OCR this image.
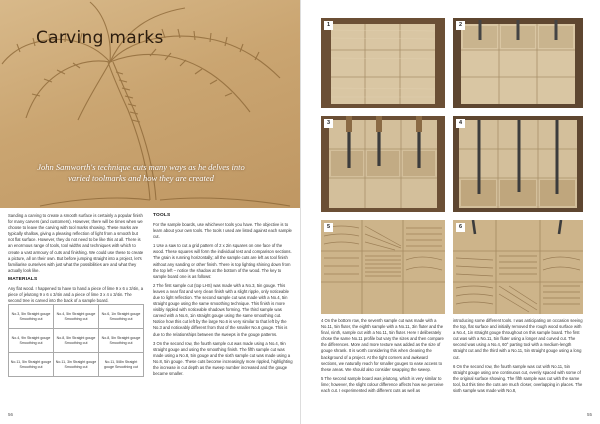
Carving marks
John Samworth's technique cuts many ways as he delves into varied toolmarks and how they are created

Sanding a carving to create a smooth surface is certainly a popular finish for many carvers (and customers). However, there will be times when we choose to leave the carving with tool marks showing. These marks are typically shallow, giving a pleasing reflection of light from a smooth but not flat surface. However, they do not need to be like this at all. There is an enormous range of tools, tool widths and techniques with which to create a vast armoury of cuts and finishing. We could use these to create a picture, all on their own. But before jumping straight into a project, let's familiarise ourselves with just what the possibilities are and what they actually look like.

MATERIALS

Any flat wood. I happened to have to hand a piece of lime 9 x 6 x 3/4in, a piece of jelutong 9 x 6 x 3/4in and a piece of lime 3 x 4 x 3/4in. The second tree is carved into the back of a sample board.

No.3, 5in Straight gouge Smoothing cut	No.4, 5in Straight gouge Smoothing cut	No.6, 1in Straight gouge Smoothing cut
No.4, 9in Straight gouge Smoothing cut	No.8, 5in Straight gouge Smoothing cut	No.8, 5in Straight gouge Smoothing cut
No.11, 5in Straight gouge Smoothing cut	No.11, 3in Straight gouge Smoothing cut	No.11, 5/8in Straight gouge Smoothing cut
TOOLS

For the sample boards, use whichever tools you have. The objective is to learn about your own tools. The tools I used are listed against each sample cut.

1 Use a saw to cut a grid pattern of 2 x 2in squares on one face of the wood. These squares will form the individual test and comparison sections. The grain is running horizontally; all the sample cuts are left as tool finish without any sanding or other finish. There is top lighting shining down from the top left – notice the shadow at the bottom of the wood. The key to sample board one is as follows:

2 The first sample cut (top LHS) was made with a No.3, 5in gouge. This leaves a near flat and very clean finish with a slight ripple, only noticeable due to light reflection. The second sample cut was made with a No.4, 5in straight gouge using the same smoothing technique. This finish is more visibly rippled with noticeable shadows forming. The third sample was carved with a No.6, 1in straight gouge using the same smoothing cut. Notice how this cut left by the large No.6 is very similar to that left by the No.3 and noticeably different from that of the smaller No.6 gouge. This is due to the relationships between the sweeps in the gouge patterns.

3 On the second row, the fourth sample cut was made using a No.4, 9in straight gouge and using the smoothing finish. The fifth sample cut was made using a No.8, 5in gouge and the sixth sample cut was made using a No.8, 5in gouge. These cuts become increasingly more rippled, highlighting the increase in cut depth as the sweep number increased and the gouge became smaller.

56
1	2
3	4
5	6

4 On the bottom row, the seventh sample cut was made with a No.11, 5in fluter, the eighth sample with a No.11, 3in fluter and the final, ninth, sample cut with a No.11, 5in fluter. Here I deliberately chose the same No.11 profile but vary the sizes and then compare the differences. More and more texture was added as the size of gouge shrank. It is worth considering this when cleaning the background of a project. At the tight corners and awkward sections, we naturally reach for smaller gouges to ease access to these areas. We should also consider swapping the sweep.

5 The second sample board was jelutong, which is very similar to lime; however, the slight colour difference affects how we perceive each cut. I experimented with different cuts as well as

introducing some different tools. I was anticipating on occasion seeing the top, flat surface and initially removed the rough wood surface with a No.4, 1in straight gouge throughout on this sample board. The first cut was with a No.11, 5in fluter using a longer and curved cut. The second was using a No.4, 60° parting tool with a medium-length straight cut and the third with a No.11, 5in straight gouge using a long cut.

6 On the second row, the fourth sample was cut with No.11, 5in straight gouge using one continuous cut, evenly spaced with some of the original surface showing. The fifth sample was cut with the same tool, but this time the cuts are much closer, overlapping in places. The sixth sample was made with No.8,

55
